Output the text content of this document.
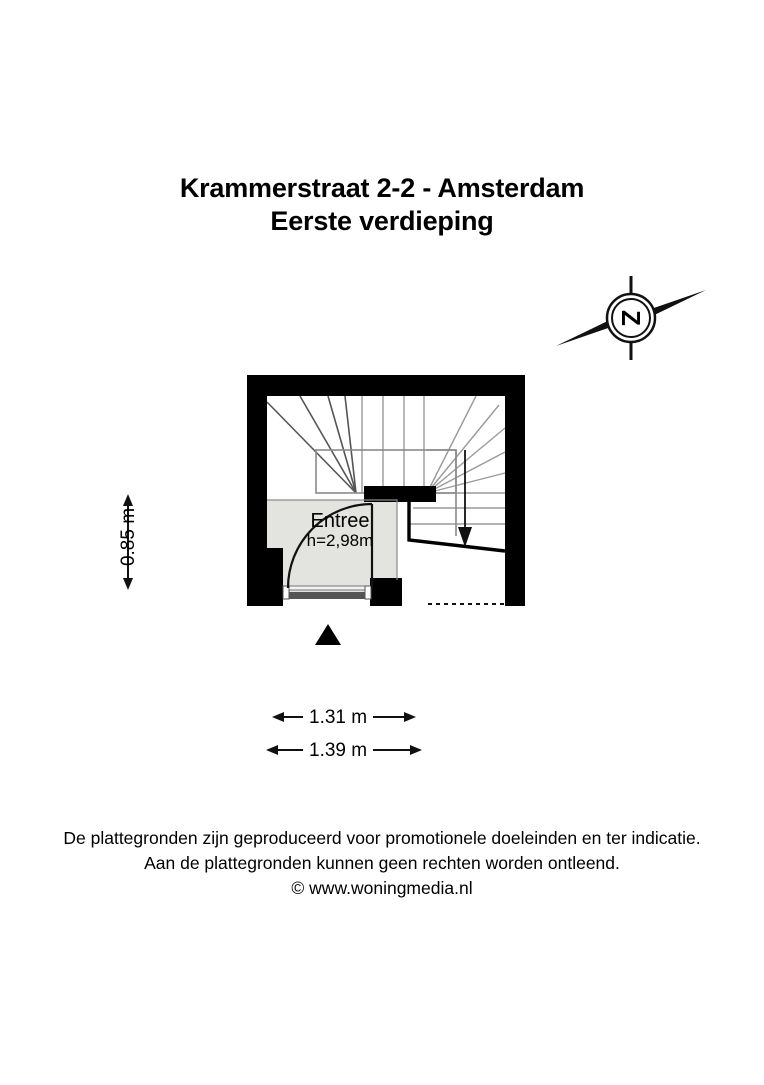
Krammerstraat 2-2 - Amsterdam
Eerste verdieping
Z
Entree
h=2,98m
0.85 m
1.31 m
1.39 m
De plattegronden zijn geproduceerd voor promotionele doeleinden en ter indicatie.
Aan de plattegronden kunnen geen rechten worden ontleend.
© www.woningmedia.nl
